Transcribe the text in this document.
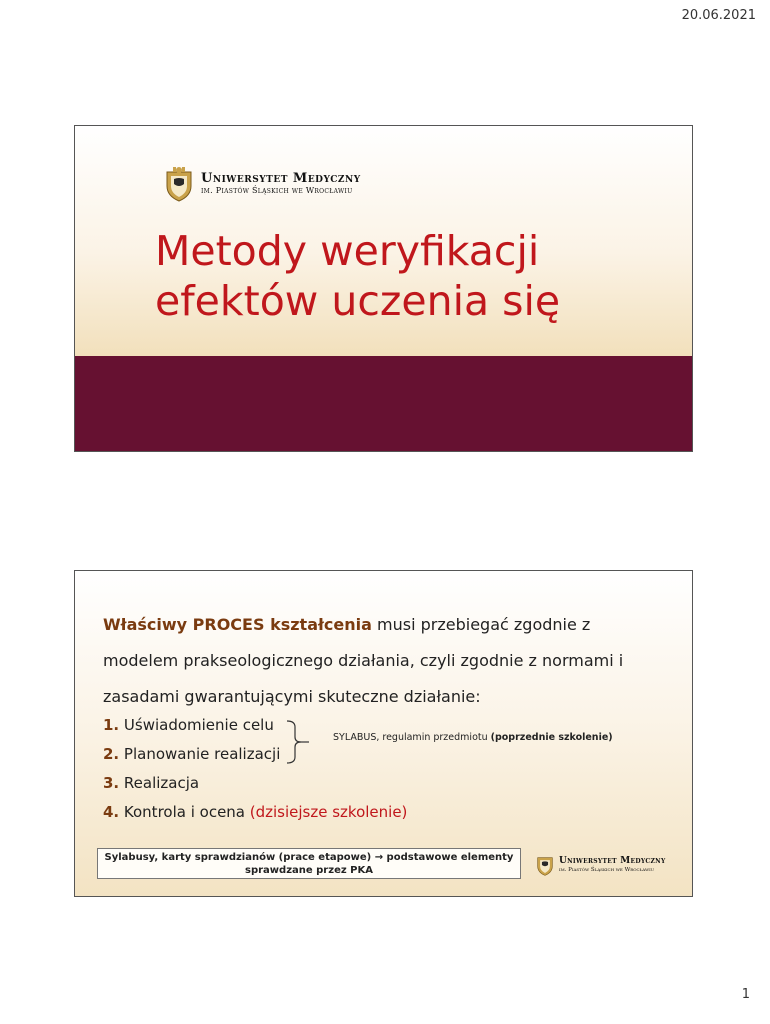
20.06.2021
Uniwersytet Medyczny
im. Piastów Śląskich we Wrocławiu
Metody weryfikacji
efektów uczenia się
Właściwy PROCES kształcenia musi przebiegać zgodnie z modelem prakseologicznego działania, czyli zgodnie z normami i zasadami gwarantującymi skuteczne działanie:
1. Uświadomienie celu
2. Planowanie realizacji
3. Realizacja
4. Kontrola i ocena (dzisiejsze szkolenie)
SYLABUS, regulamin przedmiotu (poprzednie szkolenie)
Sylabusy, karty sprawdzianów (prace etapowe) → podstawowe elementy sprawdzane przez PKA
Uniwersytet Medyczny
im. Piastów Śląskich we Wrocławiu
1
